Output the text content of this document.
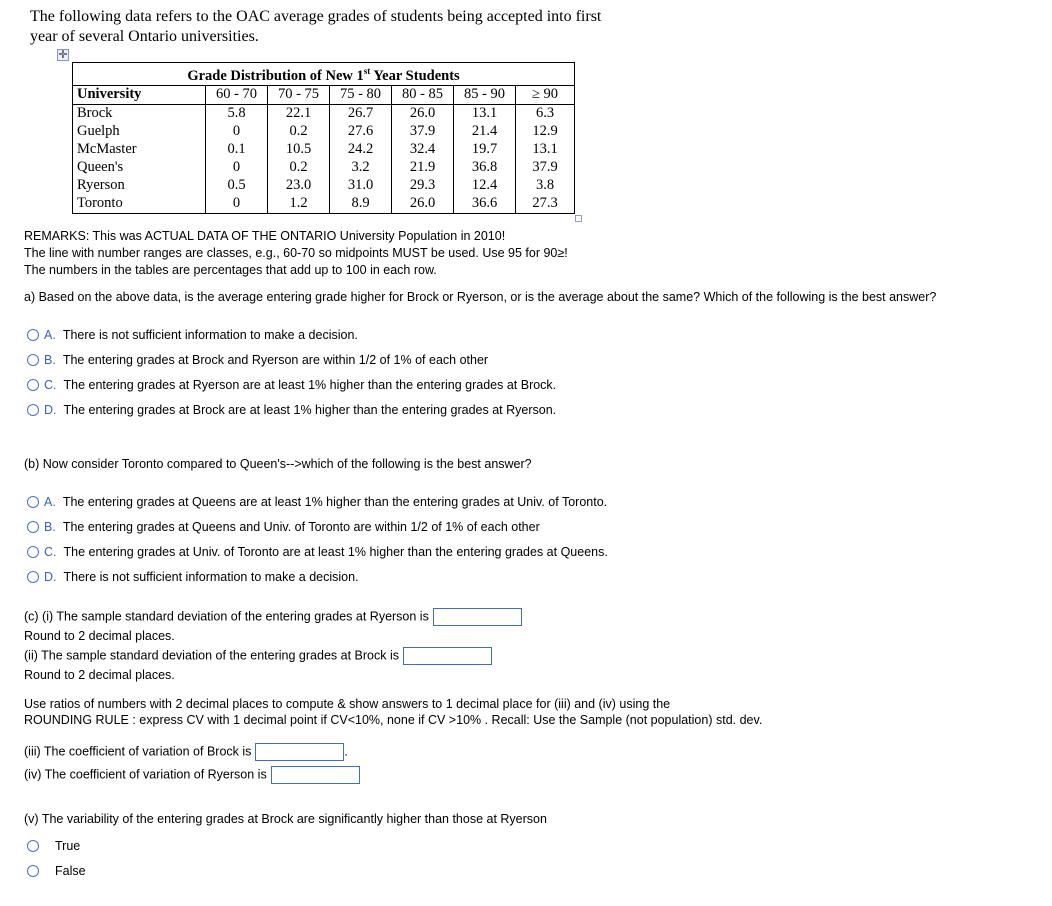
The following data refers to the OAC average grades of students being accepted into first year of several Ontario universities.
✛
Grade Distribution of New 1st Year Students						
University	60 - 70	70 - 75	75 - 80	80 - 85	85 - 90	≥ 90
Brock	5.8	22.1	26.7	26.0	13.1	6.3
Guelph	0	0.2	27.6	37.9	21.4	12.9
McMaster	0.1	10.5	24.2	32.4	19.7	13.1
Queen's	0	0.2	3.2	21.9	36.8	37.9
Ryerson	0.5	23.0	31.0	29.3	12.4	3.8
Toronto	0	1.2	8.9	26.0	36.6	27.3
REMARKS: This was ACTUAL DATA OF THE ONTARIO University Population in 2010!
The line with number ranges are classes, e.g., 60-70 so midpoints MUST be used. Use 95 for 90≥!
The numbers in the tables are percentages that add up to 100 in each row.
a) Based on the above data, is the average entering grade higher for Brock or Ryerson, or is the average about the same? Which of the following is the best answer?
A. There is not sufficient information to make a decision.
B. The entering grades at Brock and Ryerson are within 1/2 of 1% of each other
C. The entering grades at Ryerson are at least 1% higher than the entering grades at Brock.
D. The entering grades at Brock are at least 1% higher than the entering grades at Ryerson.
(b) Now consider Toronto compared to Queen's-->which of the following is the best answer?
A. The entering grades at Queens are at least 1% higher than the entering grades at Univ. of Toronto.
B. The entering grades at Queens and Univ. of Toronto are within 1/2 of 1% of each other
C. The entering grades at Univ. of Toronto are at least 1% higher than the entering grades at Queens.
D. There is not sufficient information to make a decision.
(c) (i) The sample standard deviation of the entering grades at Ryerson is
Round to 2 decimal places.
(ii) The sample standard deviation of the entering grades at Brock is
Round to 2 decimal places.
Use ratios of numbers with 2 decimal places to compute & show answers to 1 decimal place for (iii) and (iv) using the
ROUNDING RULE : express CV with 1 decimal point if CV<10%, none if CV >10% . Recall: Use the Sample (not population) std. dev.
(iii) The coefficient of variation of Brock is	.
(iv) The coefficient of variation of Ryerson is
(v) The variability of the entering grades at Brock are significantly higher than those at Ryerson
True
False
